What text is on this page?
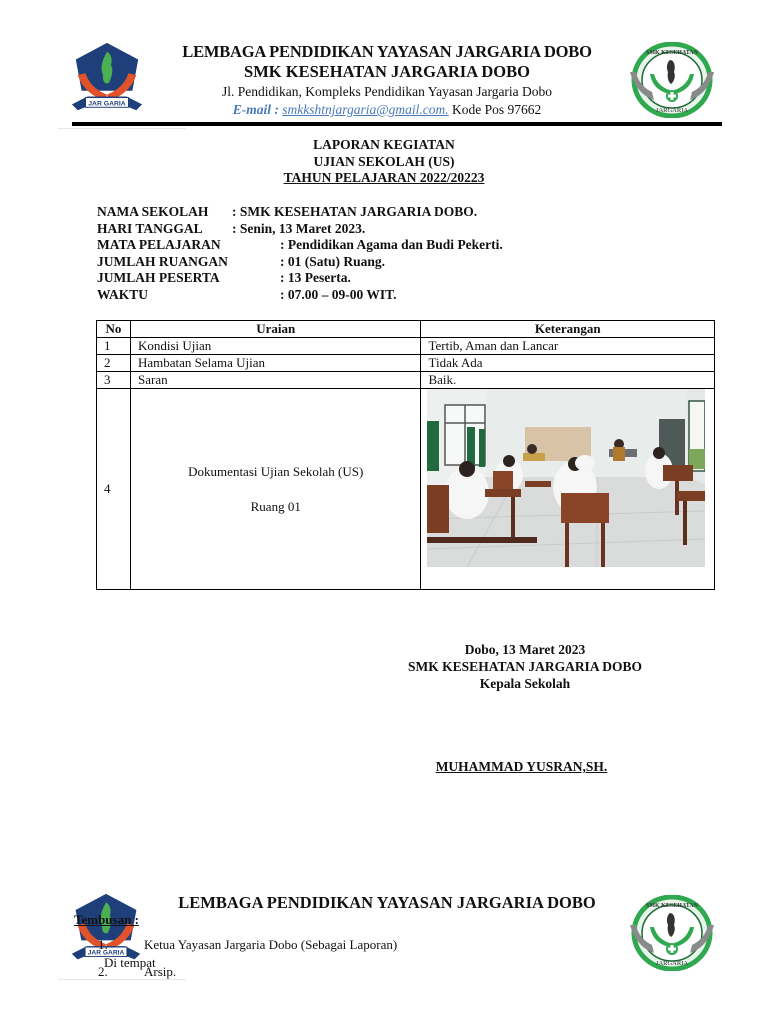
JAR GARIA
LEMBAGA PENDIDIKAN YAYASAN JARGARIA DOBO
SMK KESEHATAN JARGARIA DOBO
Jl. Pendidikan, Kompleks Pendidikan Yayasan Jargaria Dobo
E-mail : smkkshtnjargaria@gmail.com. Kode Pos 97662	JARGARIA
SMK KESEHATAN
LAPORAN KEGIATAN
UJIAN SEKOLAH (US)
TAHUN PELAJARAN 2022/20223
NAMA SEKOLAH : SMK KESEHATAN JARGARIA DOBO.
HARI TANGGAL : Senin, 13 Maret 2023.
MATA PELAJARAN	: Pendidikan Agama dan Budi Pekerti.
JUMLAH RUANGAN	: 01 (Satu) Ruang.
JUMLAH PESERTA	: 13 Peserta.
WAKTU	: 07.00 – 09-00 WIT.
No	Uraian	Keterangan
1	Kondisi Ujian	Tertib, Aman dan Lancar
2	Hambatan Selama Ujian	Tidak Ada
3	Saran	Baik.
4	Dokumentasi Ujian Sekolah (US)
Ruang 01

Dobo, 13 Maret 2023
SMK KESEHATAN JARGARIA DOBO
Kepala Sekolah
MUHAMMAD YUSRAN,SH.
JAR GARIA
LEMBAGA PENDIDIKAN YAYASAN JARGARIA DOBO
JARGARIA
SMK KESEHATAN
Tembusan :
1.	Ketua Yayasan Jargaria Dobo (Sebagai Laporan)
Di tempat
2.	Arsip.
